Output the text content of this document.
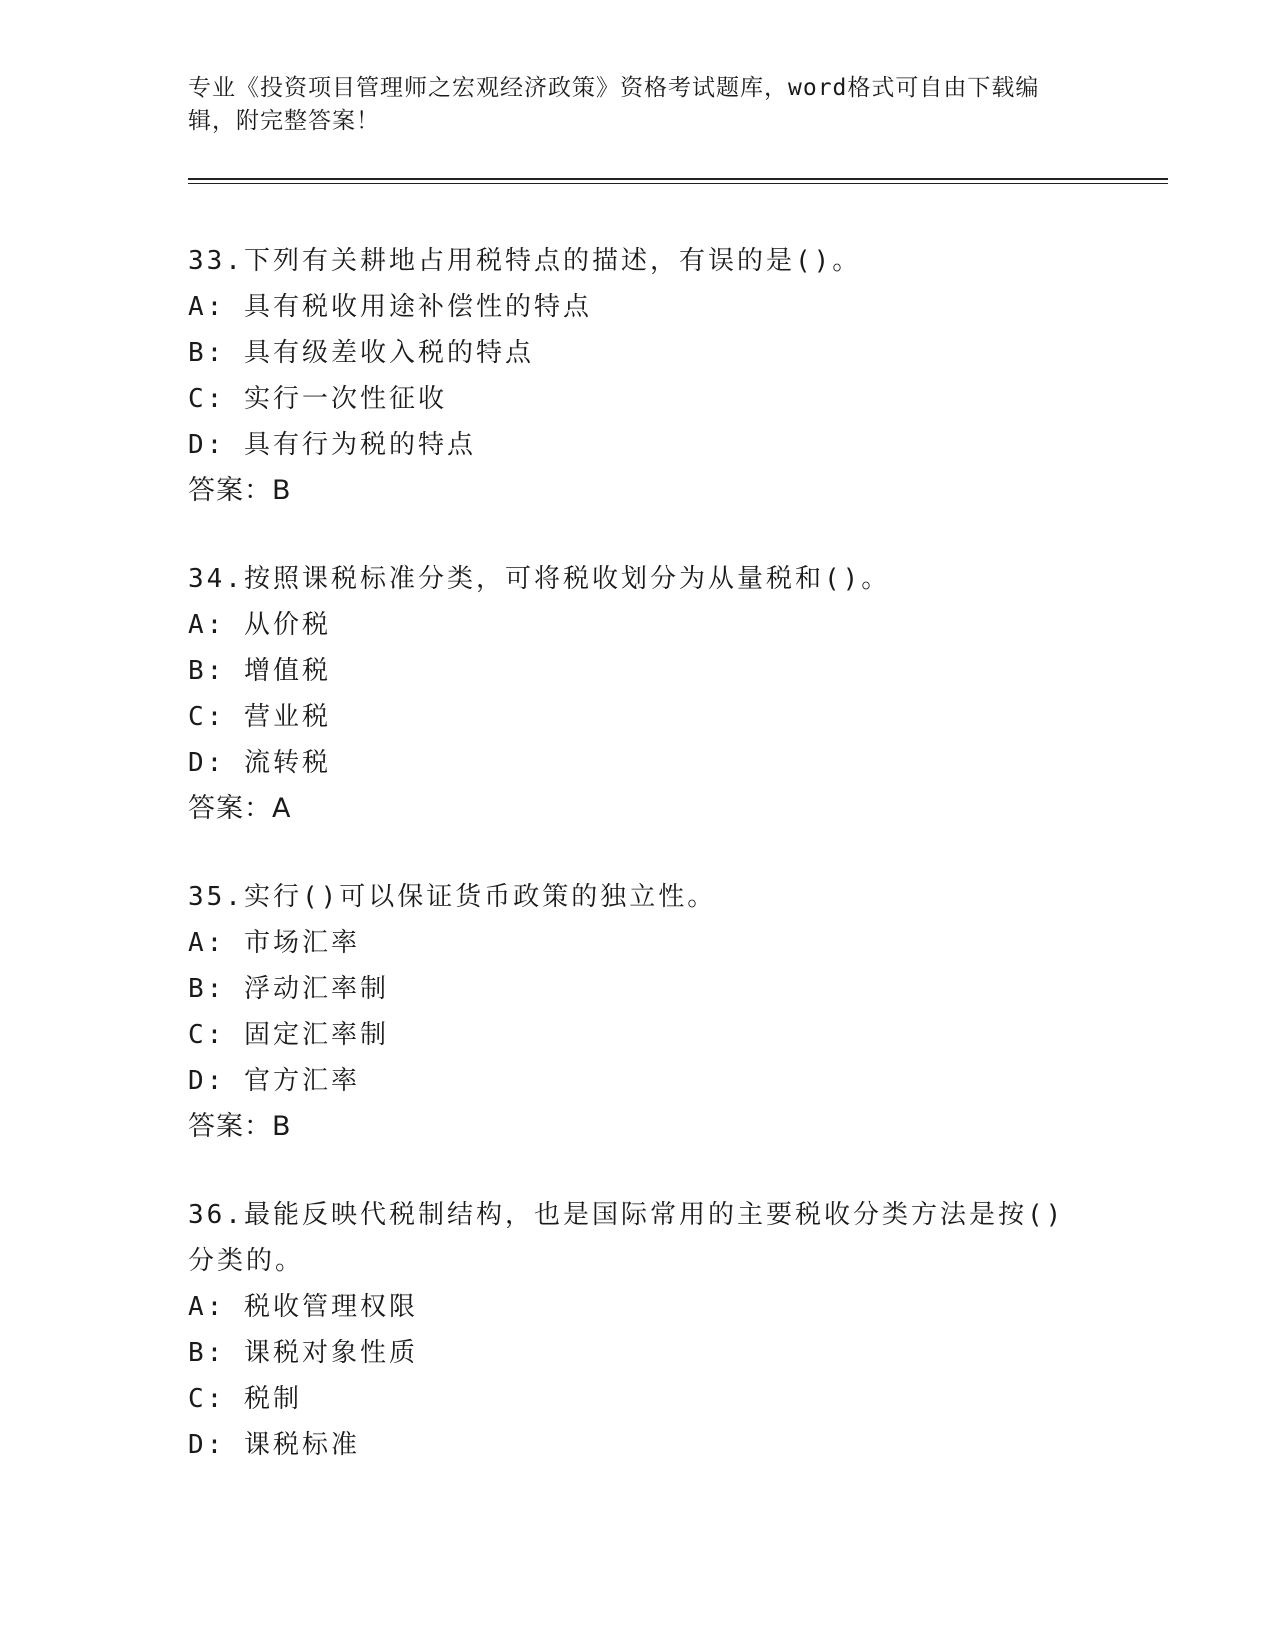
专业《投资项目管理师之宏观经济政策》资格考试题库，word格式可自由下载编辑，附完整答案！
33.下列有关耕地占用税特点的描述，有误的是()。
A: 具有税收用途补偿性的特点
B: 具有级差收入税的特点
C: 实行一次性征收
D: 具有行为税的特点
答案：B
34.按照课税标准分类，可将税收划分为从量税和()。
A: 从价税
B: 增值税
C: 营业税
D: 流转税
答案：A
35.实行()可以保证货币政策的独立性。
A: 市场汇率
B: 浮动汇率制
C: 固定汇率制
D: 官方汇率
答案：B
36.最能反映代税制结构，也是国际常用的主要税收分类方法是按()分类的。
A: 税收管理权限
B: 课税对象性质
C: 税制
D: 课税标准
